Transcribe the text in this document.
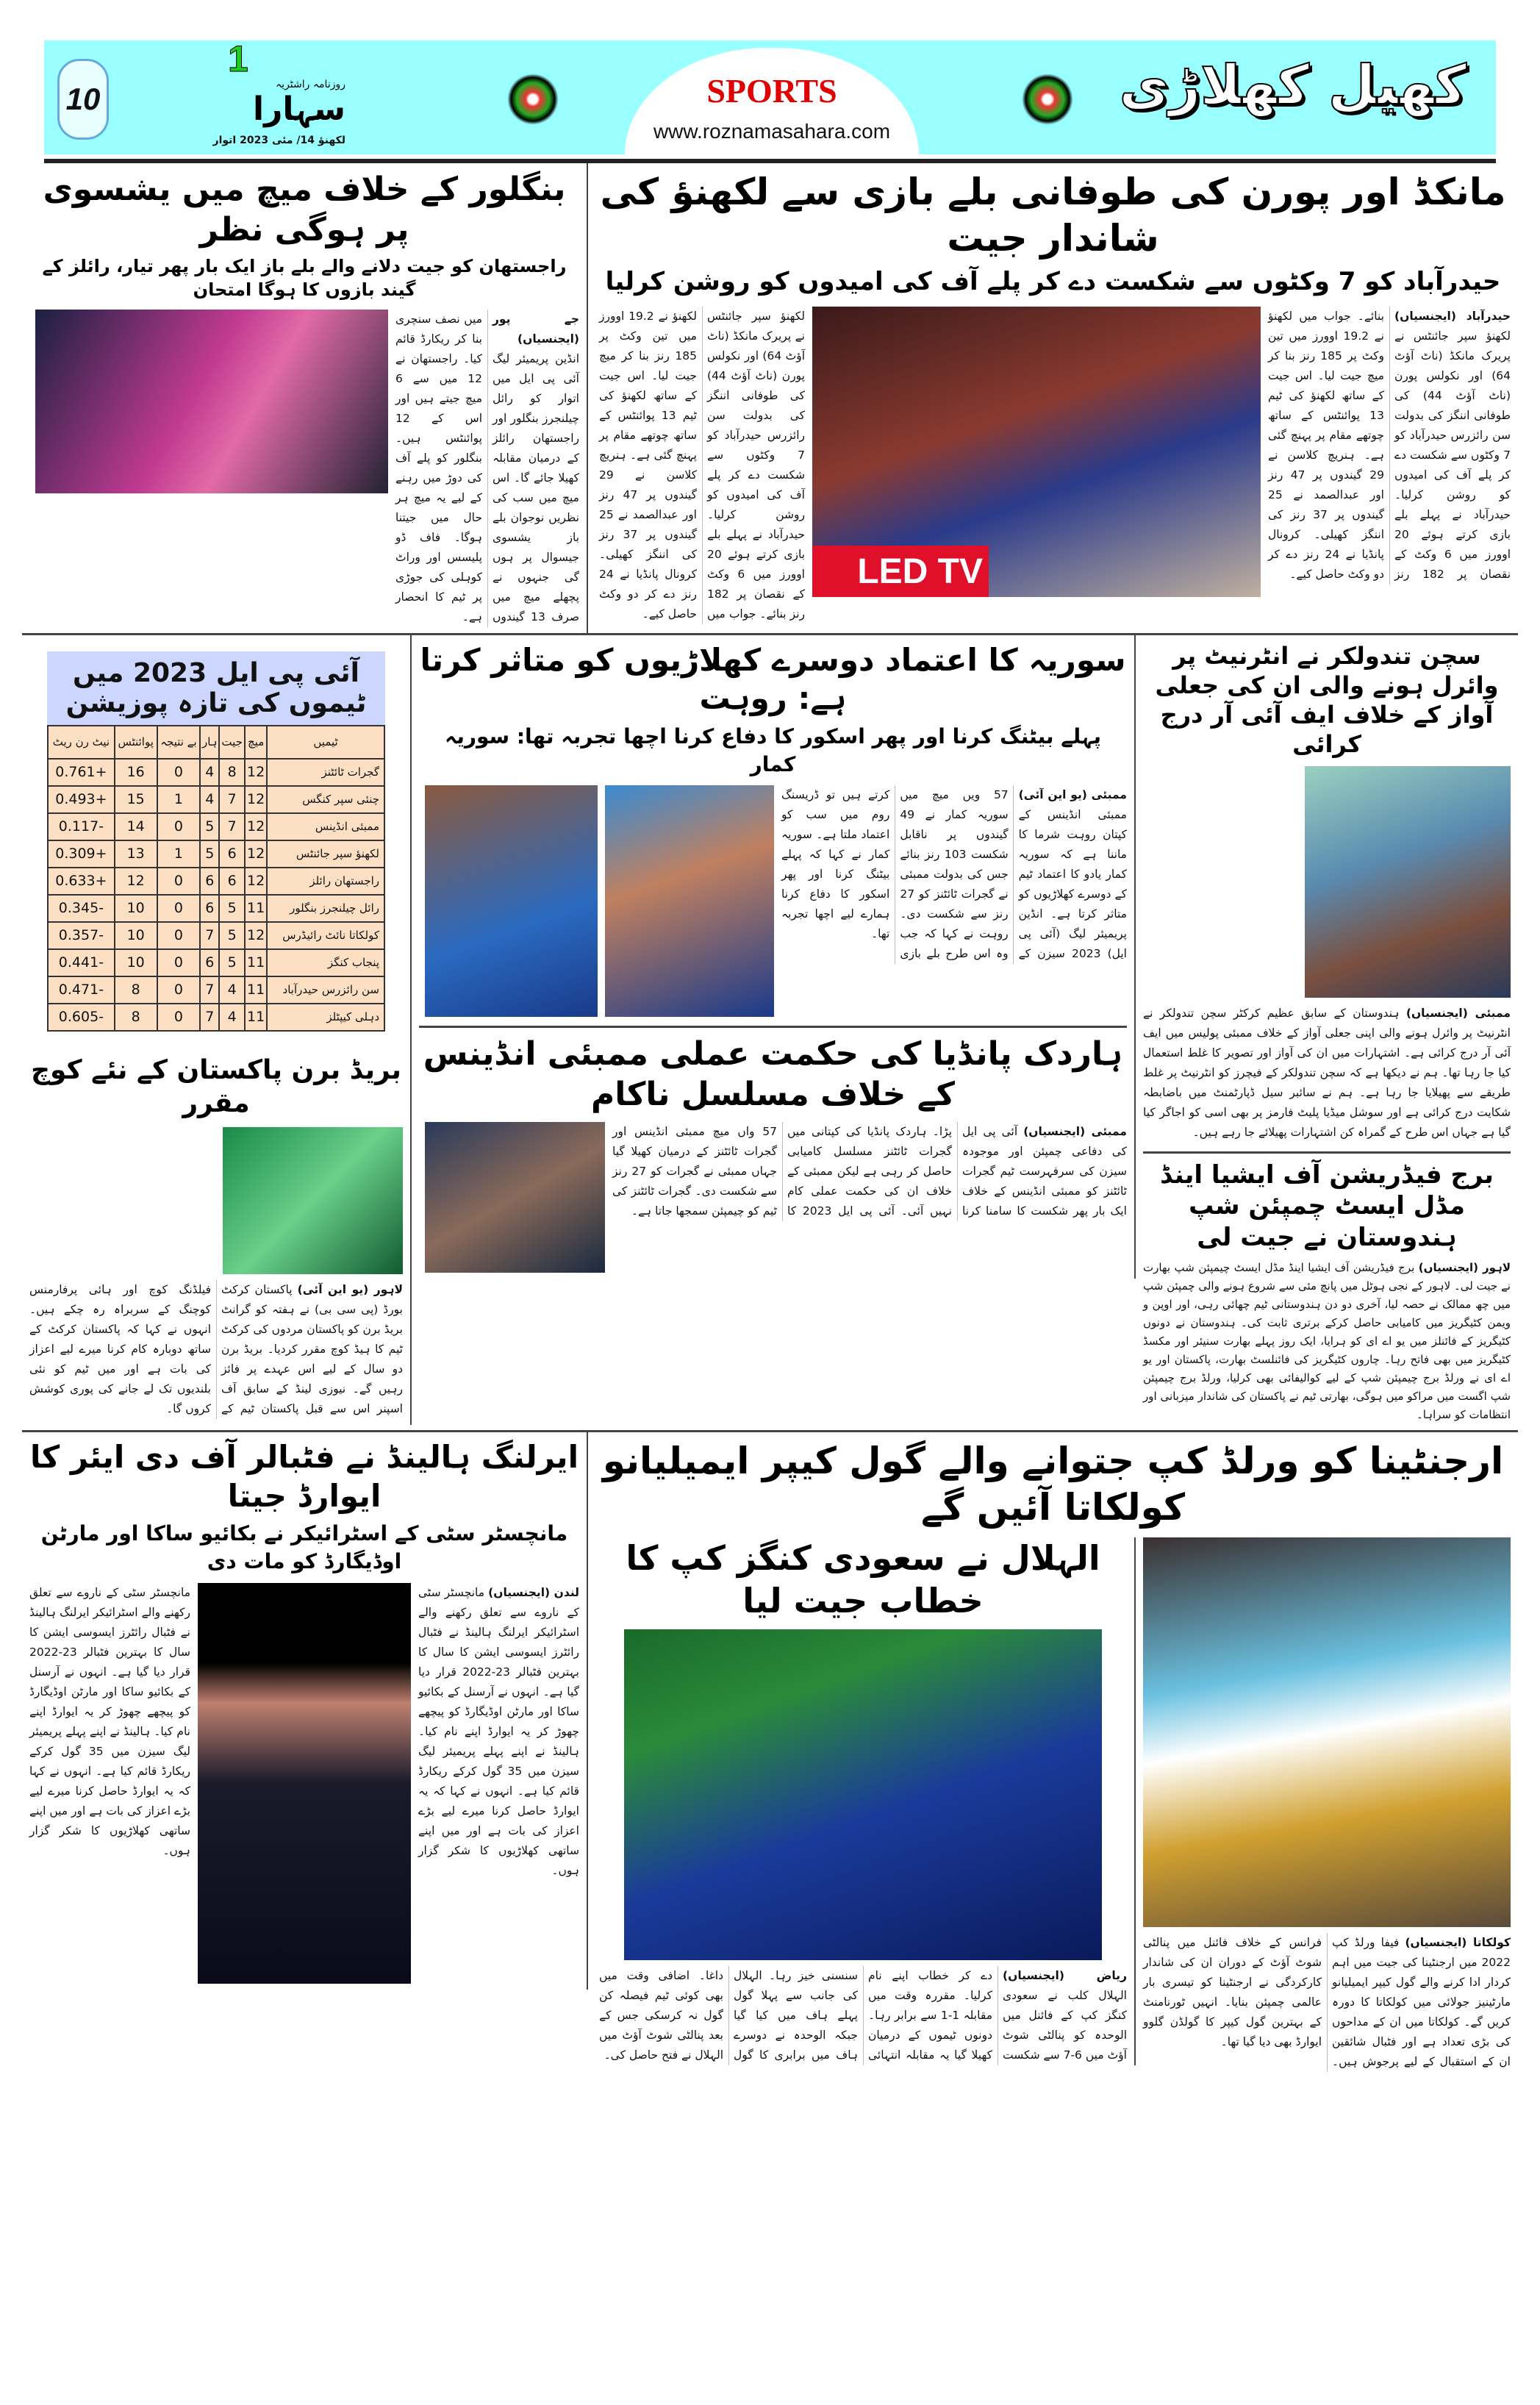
10
1
روزنامہ راشٹریہ
سہارا
لکھنؤ 14/ مئی 2023 اتوار
SPORTS
www.roznamasahara.com
کھیل کھلاڑی
مانکڈ اور پورن کی طوفانی بلے بازی سے لکھنؤ کی شاندار جیت
حیدرآباد کو 7 وکٹوں سے شکست دے کر پلے آف کی امیدوں کو روشن کرلیا
حیدرآباد (ایجنسیاں) لکھنؤ سپر جائنٹس نے پریرک مانکڈ (ناٹ آؤٹ 64) اور نکولس پورن (ناٹ آؤٹ 44) کی طوفانی اننگز کی بدولت سن رائزرس حیدرآباد کو 7 وکٹوں سے شکست دے کر پلے آف کی امیدوں کو روشن کرلیا۔ حیدرآباد نے پہلے بلے بازی کرتے ہوئے 20 اوورز میں 6 وکٹ کے نقصان پر 182 رنز بنائے۔ جواب میں لکھنؤ نے 19.2 اوورز میں تین وکٹ پر 185 رنز بنا کر میچ جیت لیا۔ اس جیت کے ساتھ لکھنؤ کی ٹیم 13 پوائنٹس کے ساتھ چوتھے مقام پر پہنچ گئی ہے۔ ہنریچ کلاسن نے 29 گیندوں پر 47 رنز اور عبدالصمد نے 25 گیندوں پر 37 رنز کی اننگز کھیلی۔ کرونال پانڈیا نے 24 رنز دے کر دو وکٹ حاصل کیے۔
LED TV
لکھنؤ سپر جائنٹس نے پریرک مانکڈ (ناٹ آؤٹ 64) اور نکولس پورن (ناٹ آؤٹ 44) کی طوفانی اننگز کی بدولت سن رائزرس حیدرآباد کو 7 وکٹوں سے شکست دے کر پلے آف کی امیدوں کو روشن کرلیا۔ حیدرآباد نے پہلے بلے بازی کرتے ہوئے 20 اوورز میں 6 وکٹ کے نقصان پر 182 رنز بنائے۔ جواب میں لکھنؤ نے 19.2 اوورز میں تین وکٹ پر 185 رنز بنا کر میچ جیت لیا۔ اس جیت کے ساتھ لکھنؤ کی ٹیم 13 پوائنٹس کے ساتھ چوتھے مقام پر پہنچ گئی ہے۔ ہنریچ کلاسن نے 29 گیندوں پر 47 رنز اور عبدالصمد نے 25 گیندوں پر 37 رنز کی اننگز کھیلی۔ کرونال پانڈیا نے 24 رنز دے کر دو وکٹ حاصل کیے۔
بنگلور کے خلاف میچ میں یشسوی پر ہوگی نظر
راجستھان کو جیت دلانے والے بلے باز ایک بار پھر تیار، رائلز کے گیند بازوں کا ہوگا امتحان
جے پور (ایجنسیاں) انڈین پریمیئر لیگ آئی پی ایل میں اتوار کو رائل چیلنجرز بنگلور اور راجستھان رائلز کے درمیان مقابلہ کھیلا جائے گا۔ اس میچ میں سب کی نظریں نوجوان بلے باز یشسوی جیسوال پر ہوں گی جنہوں نے پچھلے میچ میں صرف 13 گیندوں میں نصف سنچری بنا کر ریکارڈ قائم کیا۔ راجستھان نے 12 میں سے 6 میچ جیتے ہیں اور اس کے 12 پوائنٹس ہیں۔ بنگلور کو پلے آف کی دوڑ میں رہنے کے لیے یہ میچ ہر حال میں جیتنا ہوگا۔ فاف ڈو پلیسس اور وراٹ کوہلی کی جوڑی پر ٹیم کا انحصار ہے۔
سچن تندولکر نے انٹرنیٹ پر وائرل ہونے والی ان کی جعلی آواز کے خلاف ایف آئی آر درج کرائی
ممبئی (ایجنسیاں) ہندوستان کے سابق عظیم کرکٹر سچن تندولکر نے انٹرنیٹ پر وائرل ہونے والی اپنی جعلی آواز کے خلاف ممبئی پولیس میں ایف آئی آر درج کرائی ہے۔ اشتہارات میں ان کی آواز اور تصویر کا غلط استعمال کیا جا رہا تھا۔ ہم نے دیکھا ہے کہ سچن تندولکر کے فیچرز کو انٹرنیٹ پر غلط طریقے سے پھیلایا جا رہا ہے۔ ہم نے سائبر سیل ڈپارٹمنٹ میں باضابطہ شکایت درج کرائی ہے اور سوشل میڈیا پلیٹ فارمز پر بھی اسی کو اجاگر کیا گیا ہے جہاں اس طرح کے گمراہ کن اشتہارات پھیلائے جا رہے ہیں۔
برج فیڈریشن آف ایشیا اینڈ مڈل ایسٹ چمپئن شپ ہندوستان نے جیت لی
لاہور (ایجنسیاں) برج فیڈریشن آف ایشیا اینڈ مڈل ایسٹ چیمپئن شپ بھارت نے جیت لی۔ لاہور کے نجی ہوٹل میں پانچ مئی سے شروع ہونے والی چمپئن شپ میں چھ ممالک نے حصہ لیا، آخری دو دن ہندوستانی ٹیم چھائی رہی، اور اوپن و ویمن کٹیگریز میں کامیابی حاصل کرکے برتری ثابت کی۔ ہندوستان نے دونوں کٹیگریز کے فائنلز میں یو اے ای کو ہرایا، ایک روز پہلے بھارت سنیئر اور مکسڈ کٹیگریز میں بھی فاتح رہا۔ چاروں کٹیگریز کی فائنلسٹ بھارت، پاکستان اور یو اے ای نے ورلڈ برج چیمپئن شپ کے لیے کوالیفائی بھی کرلیا، ورلڈ برج چیمپئن شپ اگست میں مراکو میں ہوگی، بھارتی ٹیم نے پاکستان کی شاندار میزبانی اور انتظامات کو سراہا۔
سوریہ کا اعتماد دوسرے کھلاڑیوں کو متاثر کرتا ہے: روہت
پہلے بیٹنگ کرنا اور پھر اسکور کا دفاع کرنا اچھا تجربہ تھا: سوریہ کمار
ممبئی (یو این آئی) ممبئی انڈینس کے کپتان روہت شرما کا ماننا ہے کہ سوریہ کمار یادو کا اعتماد ٹیم کے دوسرے کھلاڑیوں کو متاثر کرتا ہے۔ انڈین پریمیئر لیگ (آئی پی ایل) 2023 سیزن کے 57 ویں میچ میں سوریہ کمار نے 49 گیندوں پر ناقابل شکست 103 رنز بنائے جس کی بدولت ممبئی نے گجرات ٹائٹنز کو 27 رنز سے شکست دی۔ روہت نے کہا کہ جب وہ اس طرح بلے بازی کرتے ہیں تو ڈریسنگ روم میں سب کو اعتماد ملتا ہے۔ سوریہ کمار نے کہا کہ پہلے بیٹنگ کرنا اور پھر اسکور کا دفاع کرنا ہمارے لیے اچھا تجربہ تھا۔
ہاردک پانڈیا کی حکمت عملی ممبئی انڈینس کے خلاف مسلسل ناکام
ممبئی (ایجنسیاں) آئی پی ایل کی دفاعی چمپئن اور موجودہ سیزن کی سرفہرست ٹیم گجرات ٹائٹنز کو ممبئی انڈینس کے خلاف ایک بار پھر شکست کا سامنا کرنا پڑا۔ ہاردک پانڈیا کی کپتانی میں گجرات ٹائٹنز مسلسل کامیابی حاصل کر رہی ہے لیکن ممبئی کے خلاف ان کی حکمت عملی کام نہیں آئی۔ آئی پی ایل 2023 کا 57 واں میچ ممبئی انڈینس اور گجرات ٹائٹنز کے درمیان کھیلا گیا جہاں ممبئی نے گجرات کو 27 رنز سے شکست دی۔ گجرات ٹائٹنز کی ٹیم کو چیمپئن سمجھا جاتا ہے۔
آئی پی ایل 2023 میں ٹیموں کی تازہ پوزیشن
ٹیمیں	میچ	جیت	ہار	بے نتیجہ	پوائنٹس	نیٹ رن ریٹ
گجرات ٹائٹنز	12	8	4	0	16	+0.761
چنئی سپر کنگس	12	7	4	1	15	+0.493
ممبئی انڈینس	12	7	5	0	14	-0.117
لکھنؤ سپر جائنٹس	12	6	5	1	13	+0.309
راجستھان رائلز	12	6	6	0	12	+0.633
رائل چیلنجرز بنگلور	11	5	6	0	10	-0.345
کولکاتا نائٹ رائیڈرس	12	5	7	0	10	-0.357
پنجاب کنگز	11	5	6	0	10	-0.441
سن رائزرس حیدرآباد	11	4	7	0	8	-0.471
دہلی کیپٹلز	11	4	7	0	8	-0.605
بریڈ برن پاکستان کے نئے کوچ مقرر
لاہور (یو این آئی) پاکستان کرکٹ بورڈ (پی سی بی) نے ہفتہ کو گرانٹ بریڈ برن کو پاکستان مردوں کی کرکٹ ٹیم کا ہیڈ کوچ مقرر کردیا۔ بریڈ برن دو سال کے لیے اس عہدے پر فائز رہیں گے۔ نیوزی لینڈ کے سابق آف اسپنر اس سے قبل پاکستان ٹیم کے فیلڈنگ کوچ اور ہائی پرفارمنس کوچنگ کے سربراہ رہ چکے ہیں۔ انہوں نے کہا کہ پاکستان کرکٹ کے ساتھ دوبارہ کام کرنا میرے لیے اعزاز کی بات ہے اور میں ٹیم کو نئی بلندیوں تک لے جانے کی پوری کوشش کروں گا۔
ارجنٹینا کو ورلڈ کپ جتوانے والے گول کیپر ایمیلیانو کولکاتا آئیں گے
کولکاتا (ایجنسیاں) فیفا ورلڈ کپ 2022 میں ارجنٹینا کی جیت میں اہم کردار ادا کرنے والے گول کیپر ایمیلیانو مارٹینیز جولائی میں کولکاتا کا دورہ کریں گے۔ کولکاتا میں ان کے مداحوں کی بڑی تعداد ہے اور فٹبال شائقین ان کے استقبال کے لیے پرجوش ہیں۔ فرانس کے خلاف فائنل میں پنالٹی شوٹ آؤٹ کے دوران ان کی شاندار کارکردگی نے ارجنٹینا کو تیسری بار عالمی چمپئن بنایا۔ انہیں ٹورنامنٹ کے بہترین گول کیپر کا گولڈن گلوو ایوارڈ بھی دیا گیا تھا۔
الہلال نے سعودی کنگز کپ کا خطاب جیت لیا
ریاض (ایجنسیاں) الہلال کلب نے سعودی کنگز کپ کے فائنل میں الوحدہ کو پنالٹی شوٹ آؤٹ میں 6-7 سے شکست دے کر خطاب اپنے نام کرلیا۔ مقررہ وقت میں مقابلہ 1-1 سے برابر رہا۔ دونوں ٹیموں کے درمیان کھیلا گیا یہ مقابلہ انتہائی سنسنی خیز رہا۔ الہلال کی جانب سے پہلا گول پہلے ہاف میں کیا گیا جبکہ الوحدہ نے دوسرے ہاف میں برابری کا گول داغا۔ اضافی وقت میں بھی کوئی ٹیم فیصلہ کن گول نہ کرسکی جس کے بعد پنالٹی شوٹ آؤٹ میں الہلال نے فتح حاصل کی۔
ایرلنگ ہالینڈ نے فٹبالر آف دی ایئر کا ایوارڈ جیتا
مانچسٹر سٹی کے اسٹرائیکر نے بکائیو ساکا اور مارٹن اوڈیگارڈ کو مات دی
لندن (ایجنسیاں) مانچسٹر سٹی کے ناروے سے تعلق رکھنے والے اسٹرائیکر ایرلنگ ہالینڈ نے فٹبال رائٹرز ایسوسی ایشن کا سال کا بہترین فٹبالر 23-2022 قرار دیا گیا ہے۔ انہوں نے آرسنل کے بکائیو ساکا اور مارٹن اوڈیگارڈ کو پیچھے چھوڑ کر یہ ایوارڈ اپنے نام کیا۔ ہالینڈ نے اپنے پہلے پریمیئر لیگ سیزن میں 35 گول کرکے ریکارڈ قائم کیا ہے۔ انہوں نے کہا کہ یہ ایوارڈ حاصل کرنا میرے لیے بڑے اعزاز کی بات ہے اور میں اپنے ساتھی کھلاڑیوں کا شکر گزار ہوں۔
مانچسٹر سٹی کے ناروے سے تعلق رکھنے والے اسٹرائیکر ایرلنگ ہالینڈ نے فٹبال رائٹرز ایسوسی ایشن کا سال کا بہترین فٹبالر 23-2022 قرار دیا گیا ہے۔ انہوں نے آرسنل کے بکائیو ساکا اور مارٹن اوڈیگارڈ کو پیچھے چھوڑ کر یہ ایوارڈ اپنے نام کیا۔ ہالینڈ نے اپنے پہلے پریمیئر لیگ سیزن میں 35 گول کرکے ریکارڈ قائم کیا ہے۔ انہوں نے کہا کہ یہ ایوارڈ حاصل کرنا میرے لیے بڑے اعزاز کی بات ہے اور میں اپنے ساتھی کھلاڑیوں کا شکر گزار ہوں۔
